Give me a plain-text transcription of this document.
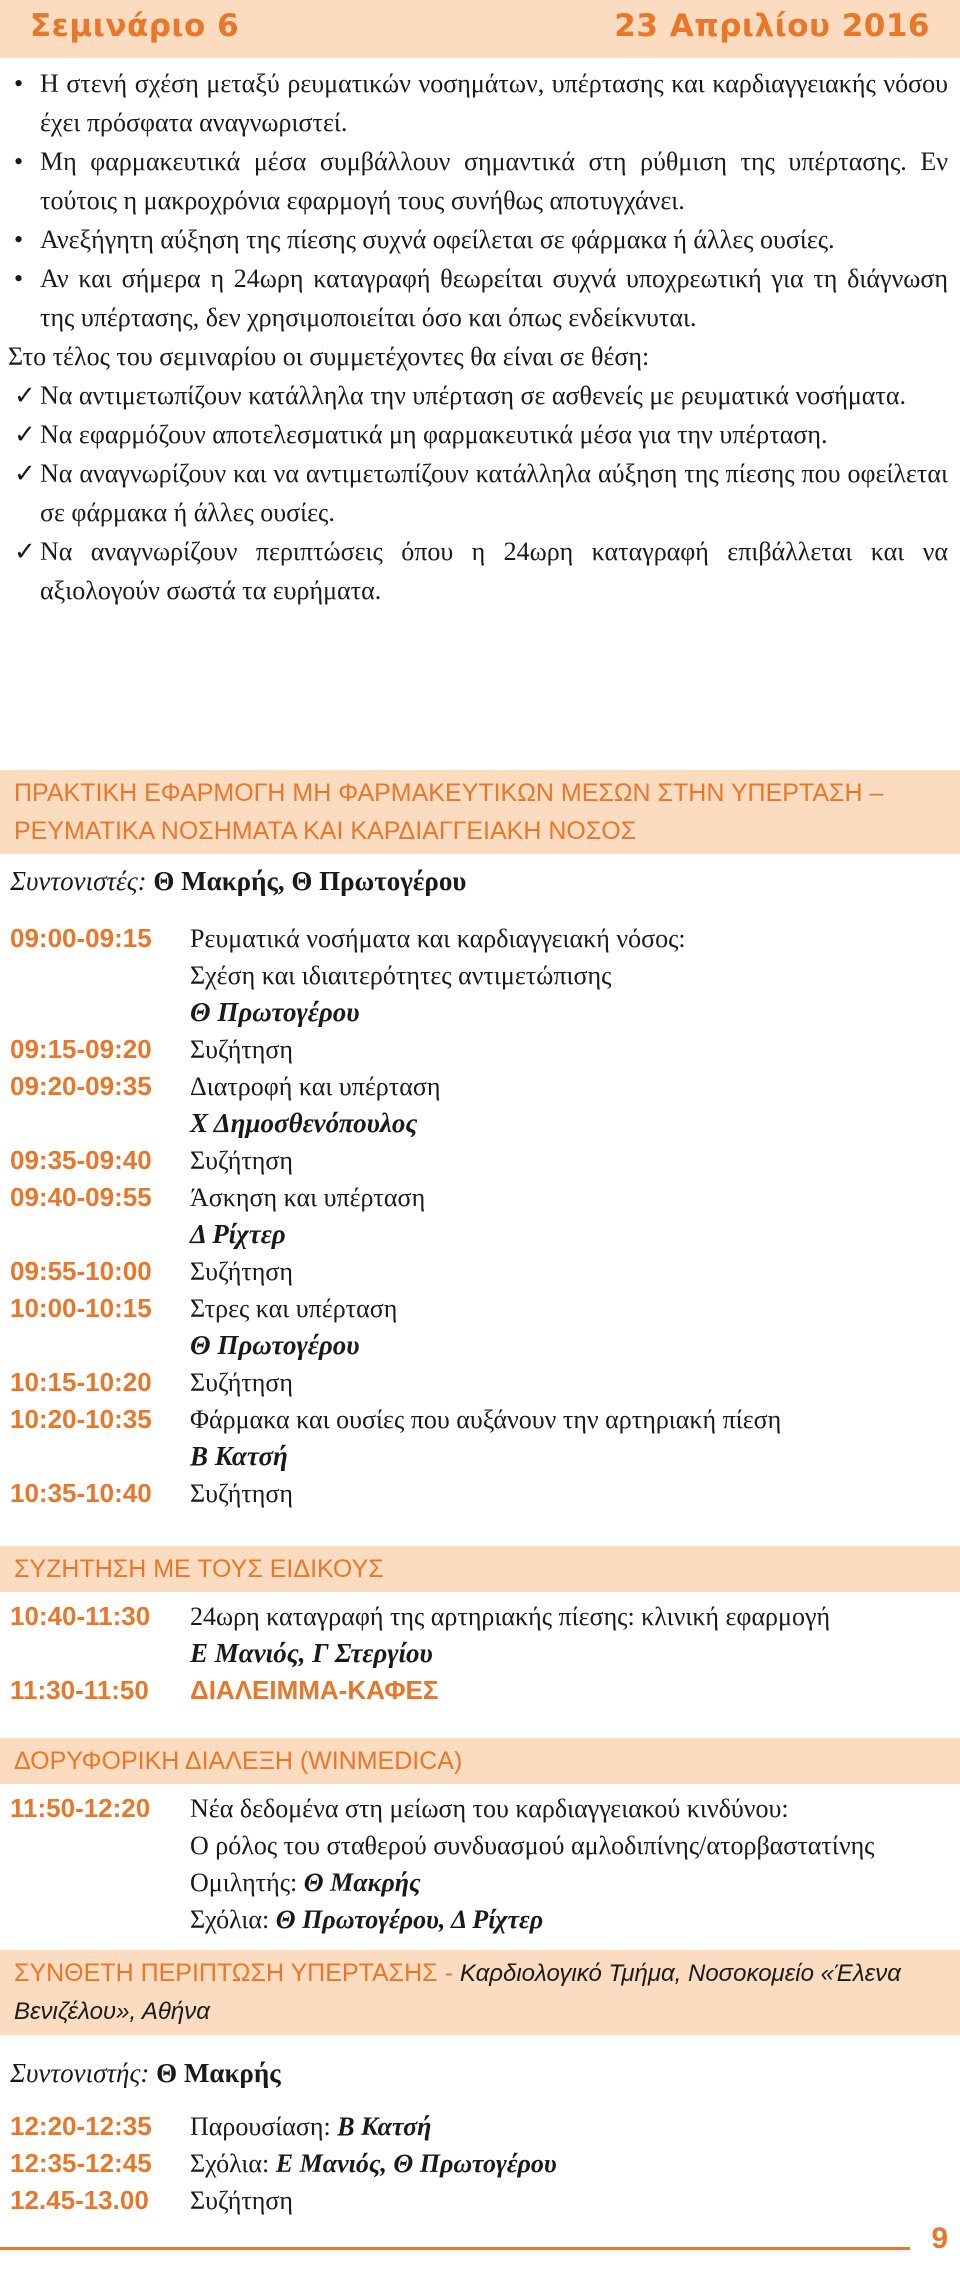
Σεμινάριο 6	23 Απριλίου 2016
• Η στενή σχέση μεταξύ ρευματικών νοσημάτων, υπέρτασης και καρδιαγγειακής νόσου έχει πρόσφατα αναγνωριστεί.
• Μη φαρμακευτικά μέσα συμβάλλουν σημαντικά στη ρύθμιση της υπέρτασης. Εν τούτοις η μακροχρόνια εφαρμογή τους συνήθως αποτυγχάνει.
• Ανεξήγητη αύξηση της πίεσης συχνά οφείλεται σε φάρμακα ή άλλες ουσίες.
• Αν και σήμερα η 24ωρη καταγραφή θεωρείται συχνά υποχρεωτική για τη διάγνωση της υπέρτασης, δεν χρησιμοποιείται όσο και όπως ενδείκνυται.
Στο τέλος του σεμιναρίου οι συμμετέχοντες θα είναι σε θέση:
✓ Να αντιμετωπίζουν κατάλληλα την υπέρταση σε ασθενείς με ρευματικά νοσήματα.
✓ Να εφαρμόζουν αποτελεσματικά μη φαρμακευτικά μέσα για την υπέρταση.
✓ Να αναγνωρίζουν και να αντιμετωπίζουν κατάλληλα αύξηση της πίεσης που οφείλεται σε φάρμακα ή άλλες ουσίες.
✓ Να αναγνωρίζουν περιπτώσεις όπου η 24ωρη καταγραφή επιβάλλεται και να αξιολογούν σωστά τα ευρήματα.
ΠΡΑΚΤΙΚΗ ΕΦΑΡΜΟΓΗ ΜΗ ΦΑΡΜΑΚΕΥΤΙΚΩΝ ΜΕΣΩΝ ΣΤΗΝ ΥΠΕΡΤΑΣΗ –
ΡΕΥΜΑΤΙΚΑ ΝΟΣΗΜΑΤΑ ΚΑΙ ΚΑΡΔΙΑΓΓΕΙΑΚΗ ΝΟΣΟΣ
Συντονιστές: Θ Μακρής, Θ Πρωτογέρου
09:00-09:15	Ρευματικά νοσήματα και καρδιαγγειακή νόσος:
Σχέση και ιδιαιτερότητες αντιμετώπισης
Θ Πρωτογέρου
09:15-09:20	Συζήτηση
09:20-09:35	Διατροφή και υπέρταση
Χ Δημοσθενόπουλος
09:35-09:40	Συζήτηση
09:40-09:55	Άσκηση και υπέρταση
Δ Ρίχτερ
09:55-10:00	Συζήτηση
10:00-10:15	Στρες και υπέρταση
Θ Πρωτογέρου
10:15-10:20	Συζήτηση
10:20-10:35	Φάρμακα και ουσίες που αυξάνουν την αρτηριακή πίεση
Β Κατσή
10:35-10:40	Συζήτηση
ΣΥΖΗΤΗΣΗ ΜΕ ΤΟΥΣ ΕΙΔΙΚΟΥΣ
10:40-11:30	24ωρη καταγραφή της αρτηριακής πίεσης: κλινική εφαρμογή
Ε Μανιός, Γ Στεργίου
11:30-11:50	ΔΙΑΛΕΙΜΜΑ-ΚΑΦΕΣ
ΔΟΡΥΦΟΡΙΚΗ ΔΙΑΛΕΞΗ (WINMEDICA)
11:50-12:20	Νέα δεδομένα στη μείωση του καρδιαγγειακού κινδύνου:
Ο ρόλος του σταθερού συνδυασμού αμλοδιπίνης/ατορβαστατίνης
Ομιλητής: Θ Μακρής
Σχόλια: Θ Πρωτογέρου, Δ Ρίχτερ
ΣΥΝΘΕΤΗ ΠΕΡΙΠΤΩΣΗ ΥΠΕΡΤΑΣΗΣ - Καρδιολογικό Τμήμα, Νοσοκομείο «Έλενα
Βενιζέλου», Αθήνα
Συντονιστής: Θ Μακρής
12:20-12:35	Παρουσίαση: Β Κατσή
12:35-12:45	Σχόλια: Ε Μανιός, Θ Πρωτογέρου
12.45-13.00	Συζήτηση
9
